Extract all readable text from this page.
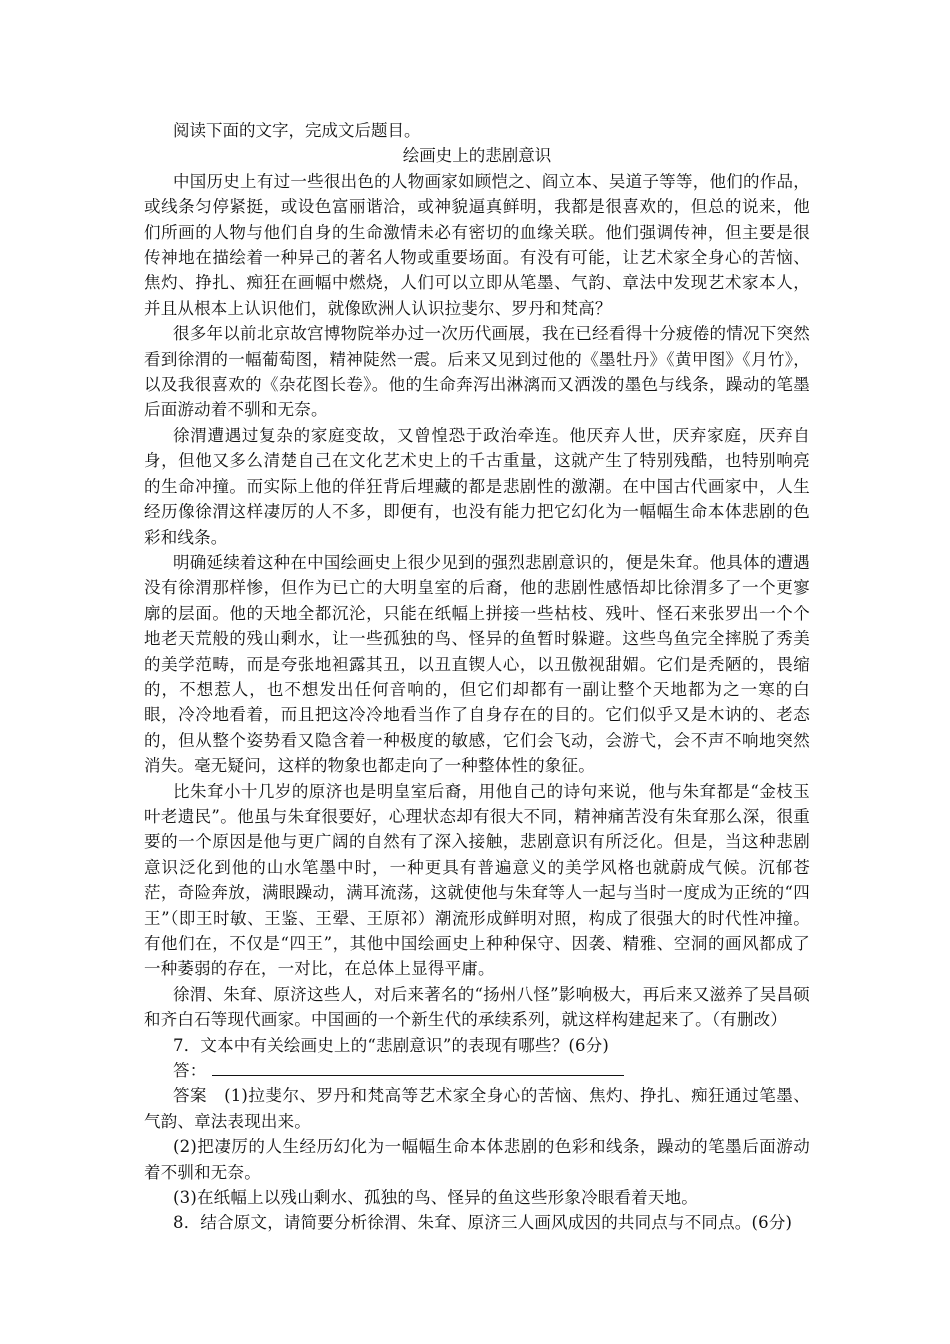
阅读下面的文字，完成文后题目。

绘画史上的悲剧意识

中国历史上有过一些很出色的人物画家如顾恺之、阎立本、吴道子等等，他们的作品，或线条匀停紧挺，或设色富丽谐洽，或神貌逼真鲜明，我都是很喜欢的，但总的说来，他们所画的人物与他们自身的生命激情未必有密切的血缘关联。他们强调传神，但主要是很传神地在描绘着一种异己的著名人物或重要场面。有没有可能，让艺术家全身心的苦恼、焦灼、挣扎、痴狂在画幅中燃烧，人们可以立即从笔墨、气韵、章法中发现艺术家本人，并且从根本上认识他们，就像欧洲人认识拉斐尔、罗丹和梵高？

很多年以前北京故宫博物院举办过一次历代画展，我在已经看得十分疲倦的情况下突然看到徐渭的一幅葡萄图，精神陡然一震。后来又见到过他的《墨牡丹》《黄甲图》《月竹》，以及我很喜欢的《杂花图长卷》。他的生命奔泻出淋漓而又洒泼的墨色与线条，躁动的笔墨后面游动着不驯和无奈。

徐渭遭遇过复杂的家庭变故，又曾惶恐于政治牵连。他厌弃人世，厌弃家庭，厌弃自身，但他又多么清楚自己在文化艺术史上的千古重量，这就产生了特别残酷，也特别响亮的生命冲撞。而实际上他的佯狂背后埋藏的都是悲剧性的激潮。在中国古代画家中，人生经历像徐渭这样凄厉的人不多，即便有，也没有能力把它幻化为一幅幅生命本体悲剧的色彩和线条。

明确延续着这种在中国绘画史上很少见到的强烈悲剧意识的，便是朱耷。他具体的遭遇没有徐渭那样惨，但作为已亡的大明皇室的后裔，他的悲剧性感悟却比徐渭多了一个更寥廓的层面。他的天地全都沉沦，只能在纸幅上拼接一些枯枝、残叶、怪石来张罗出一个个地老天荒般的残山剩水，让一些孤独的鸟、怪异的鱼暂时躲避。这些鸟鱼完全摔脱了秀美的美学范畴，而是夸张地袒露其丑，以丑直锲人心，以丑傲视甜媚。它们是秃陋的，畏缩的，不想惹人，也不想发出任何音响的，但它们却都有一副让整个天地都为之一寒的白眼，冷冷地看着，而且把这冷冷地看当作了自身存在的目的。它们似乎又是木讷的、老态的，但从整个姿势看又隐含着一种极度的敏感，它们会飞动，会游弋，会不声不响地突然消失。毫无疑问，这样的物象也都走向了一种整体性的象征。

比朱耷小十几岁的原济也是明皇室后裔，用他自己的诗句来说，他与朱耷都是“金枝玉叶老遗民”。他虽与朱耷很要好，心理状态却有很大不同，精神痛苦没有朱耷那么深，很重要的一个原因是他与更广阔的自然有了深入接触，悲剧意识有所泛化。但是，当这种悲剧意识泛化到他的山水笔墨中时，一种更具有普遍意义的美学风格也就蔚成气候。沉郁苍茫，奇险奔放，满眼躁动，满耳流荡，这就使他与朱耷等人一起与当时一度成为正统的“四王”（即王时敏、王鉴、王翚、王原祁）潮流形成鲜明对照，构成了很强大的时代性冲撞。有他们在，不仅是“四王”，其他中国绘画史上种种保守、因袭、精雅、空洞的画风都成了一种萎弱的存在，一对比，在总体上显得平庸。

徐渭、朱耷、原济这些人，对后来著名的“扬州八怪”影响极大，再后来又滋养了吴昌硕和齐白石等现代画家。中国画的一个新生代的承续系列，就这样构建起来了。（有删改）

7．文本中有关绘画史上的“悲剧意识”的表现有哪些？(6分)

答：

答案　(1)拉斐尔、罗丹和梵高等艺术家全身心的苦恼、焦灼、挣扎、痴狂通过笔墨、气韵、章法表现出来。

(2)把凄厉的人生经历幻化为一幅幅生命本体悲剧的色彩和线条，躁动的笔墨后面游动着不驯和无奈。

(3)在纸幅上以残山剩水、孤独的鸟、怪异的鱼这些形象冷眼看着天地。

8．结合原文，请简要分析徐渭、朱耷、原济三人画风成因的共同点与不同点。(6分)
